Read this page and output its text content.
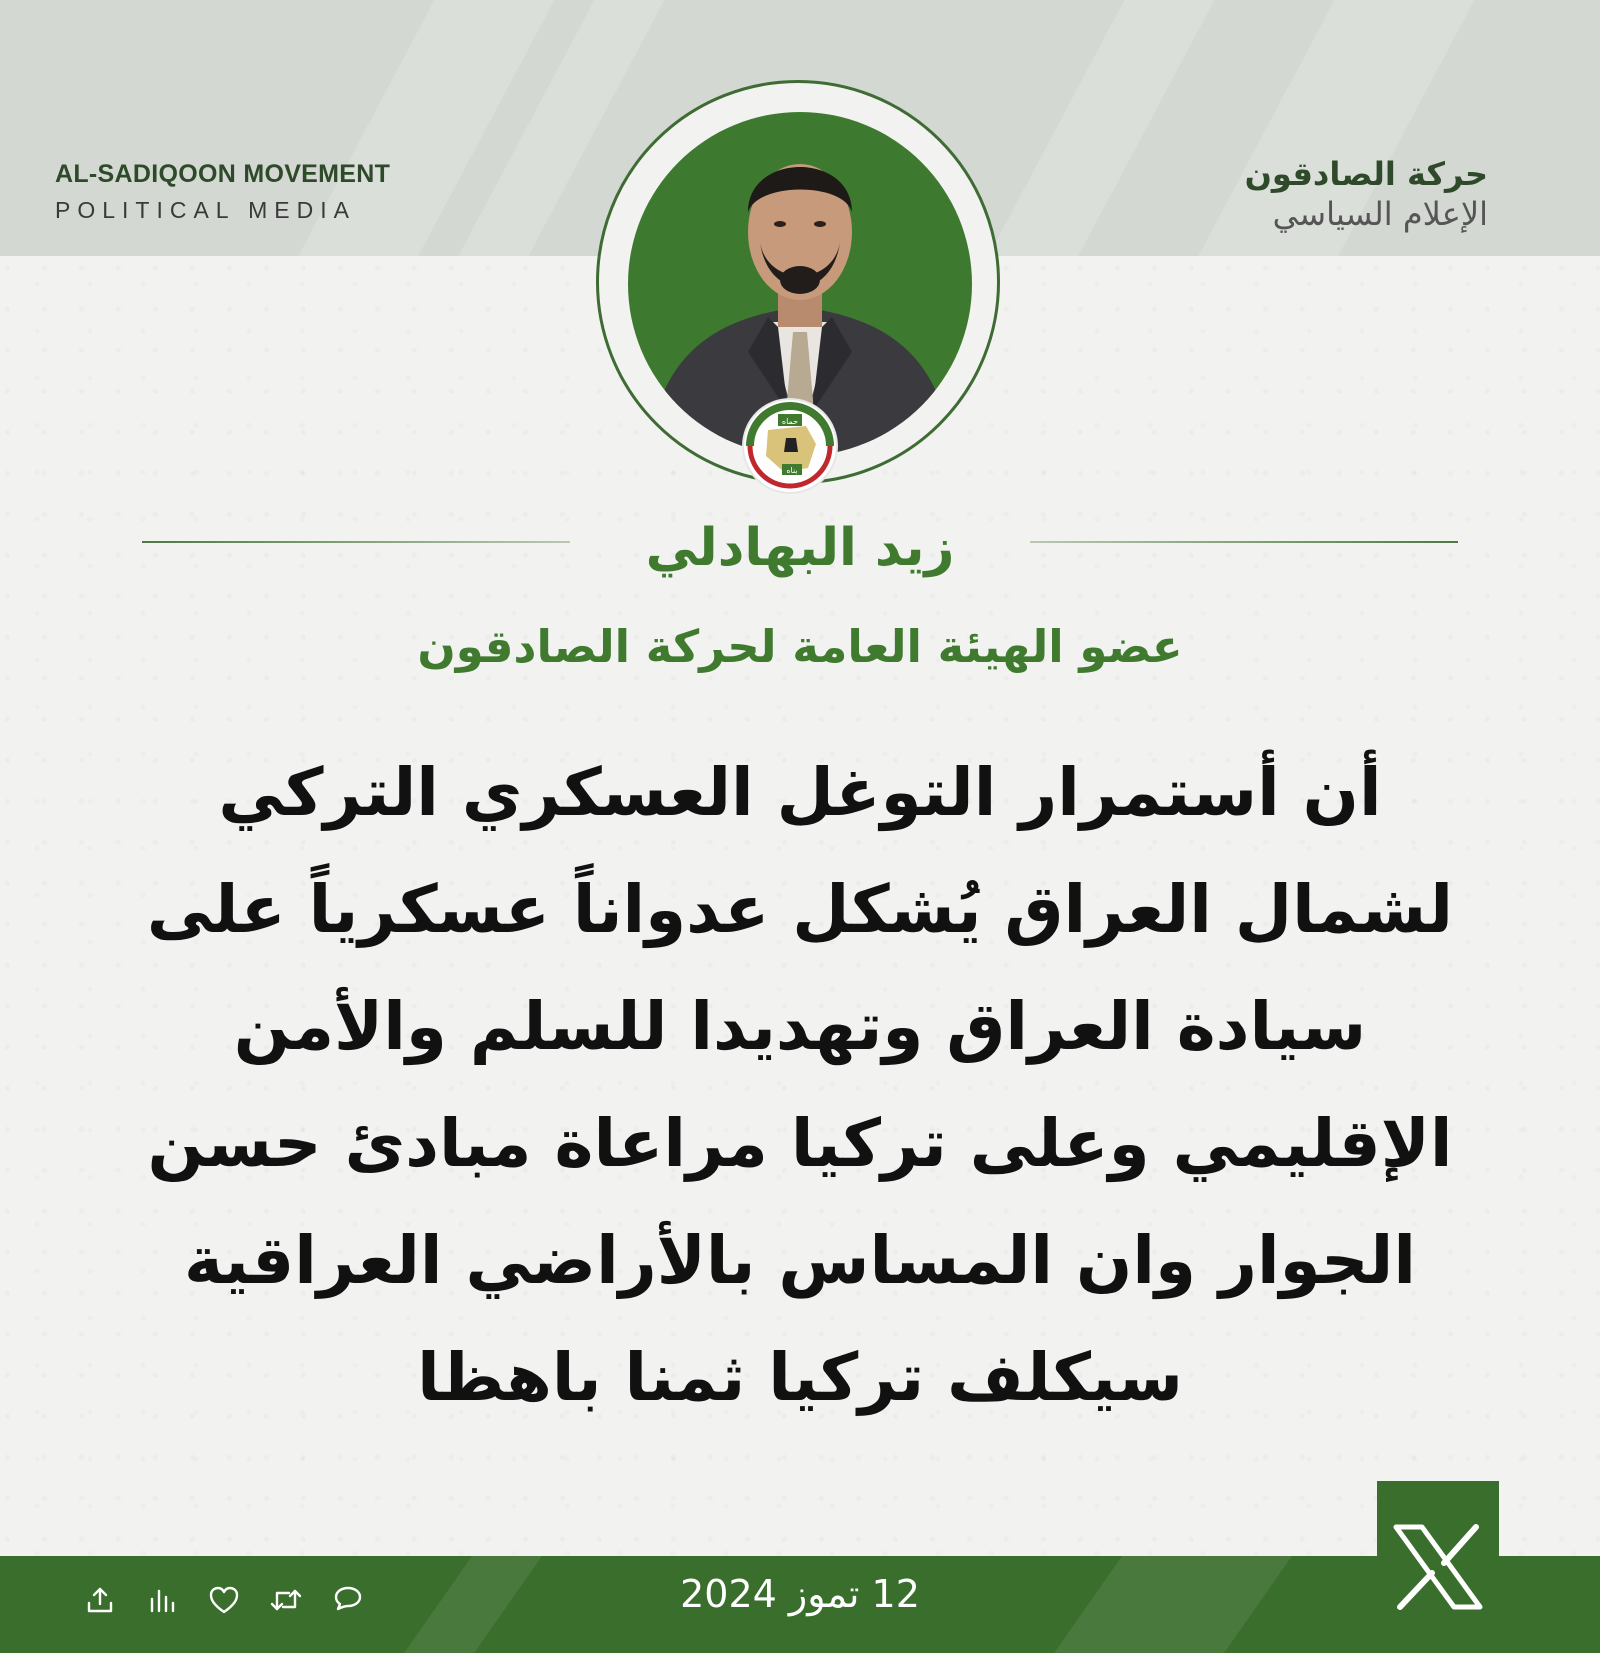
AL-SADIQOON MOVEMENT
POLITICAL MEDIA
حركة الصادقون
الإعلام السياسي
حماه
بناه
زيد البهادلي
عضو الهيئة العامة لحركة الصادقون
أن أستمرار التوغل العسكري التركي
لشمال العراق يُشكل عدواناً عسكرياً على
سيادة العراق وتهديدا للسلم والأمن
الإقليمي وعلى تركيا مراعاة مبادئ حسن
الجوار وان المساس بالأراضي العراقية
سيكلف تركيا ثمنا باهظا
12 تموز 2024
